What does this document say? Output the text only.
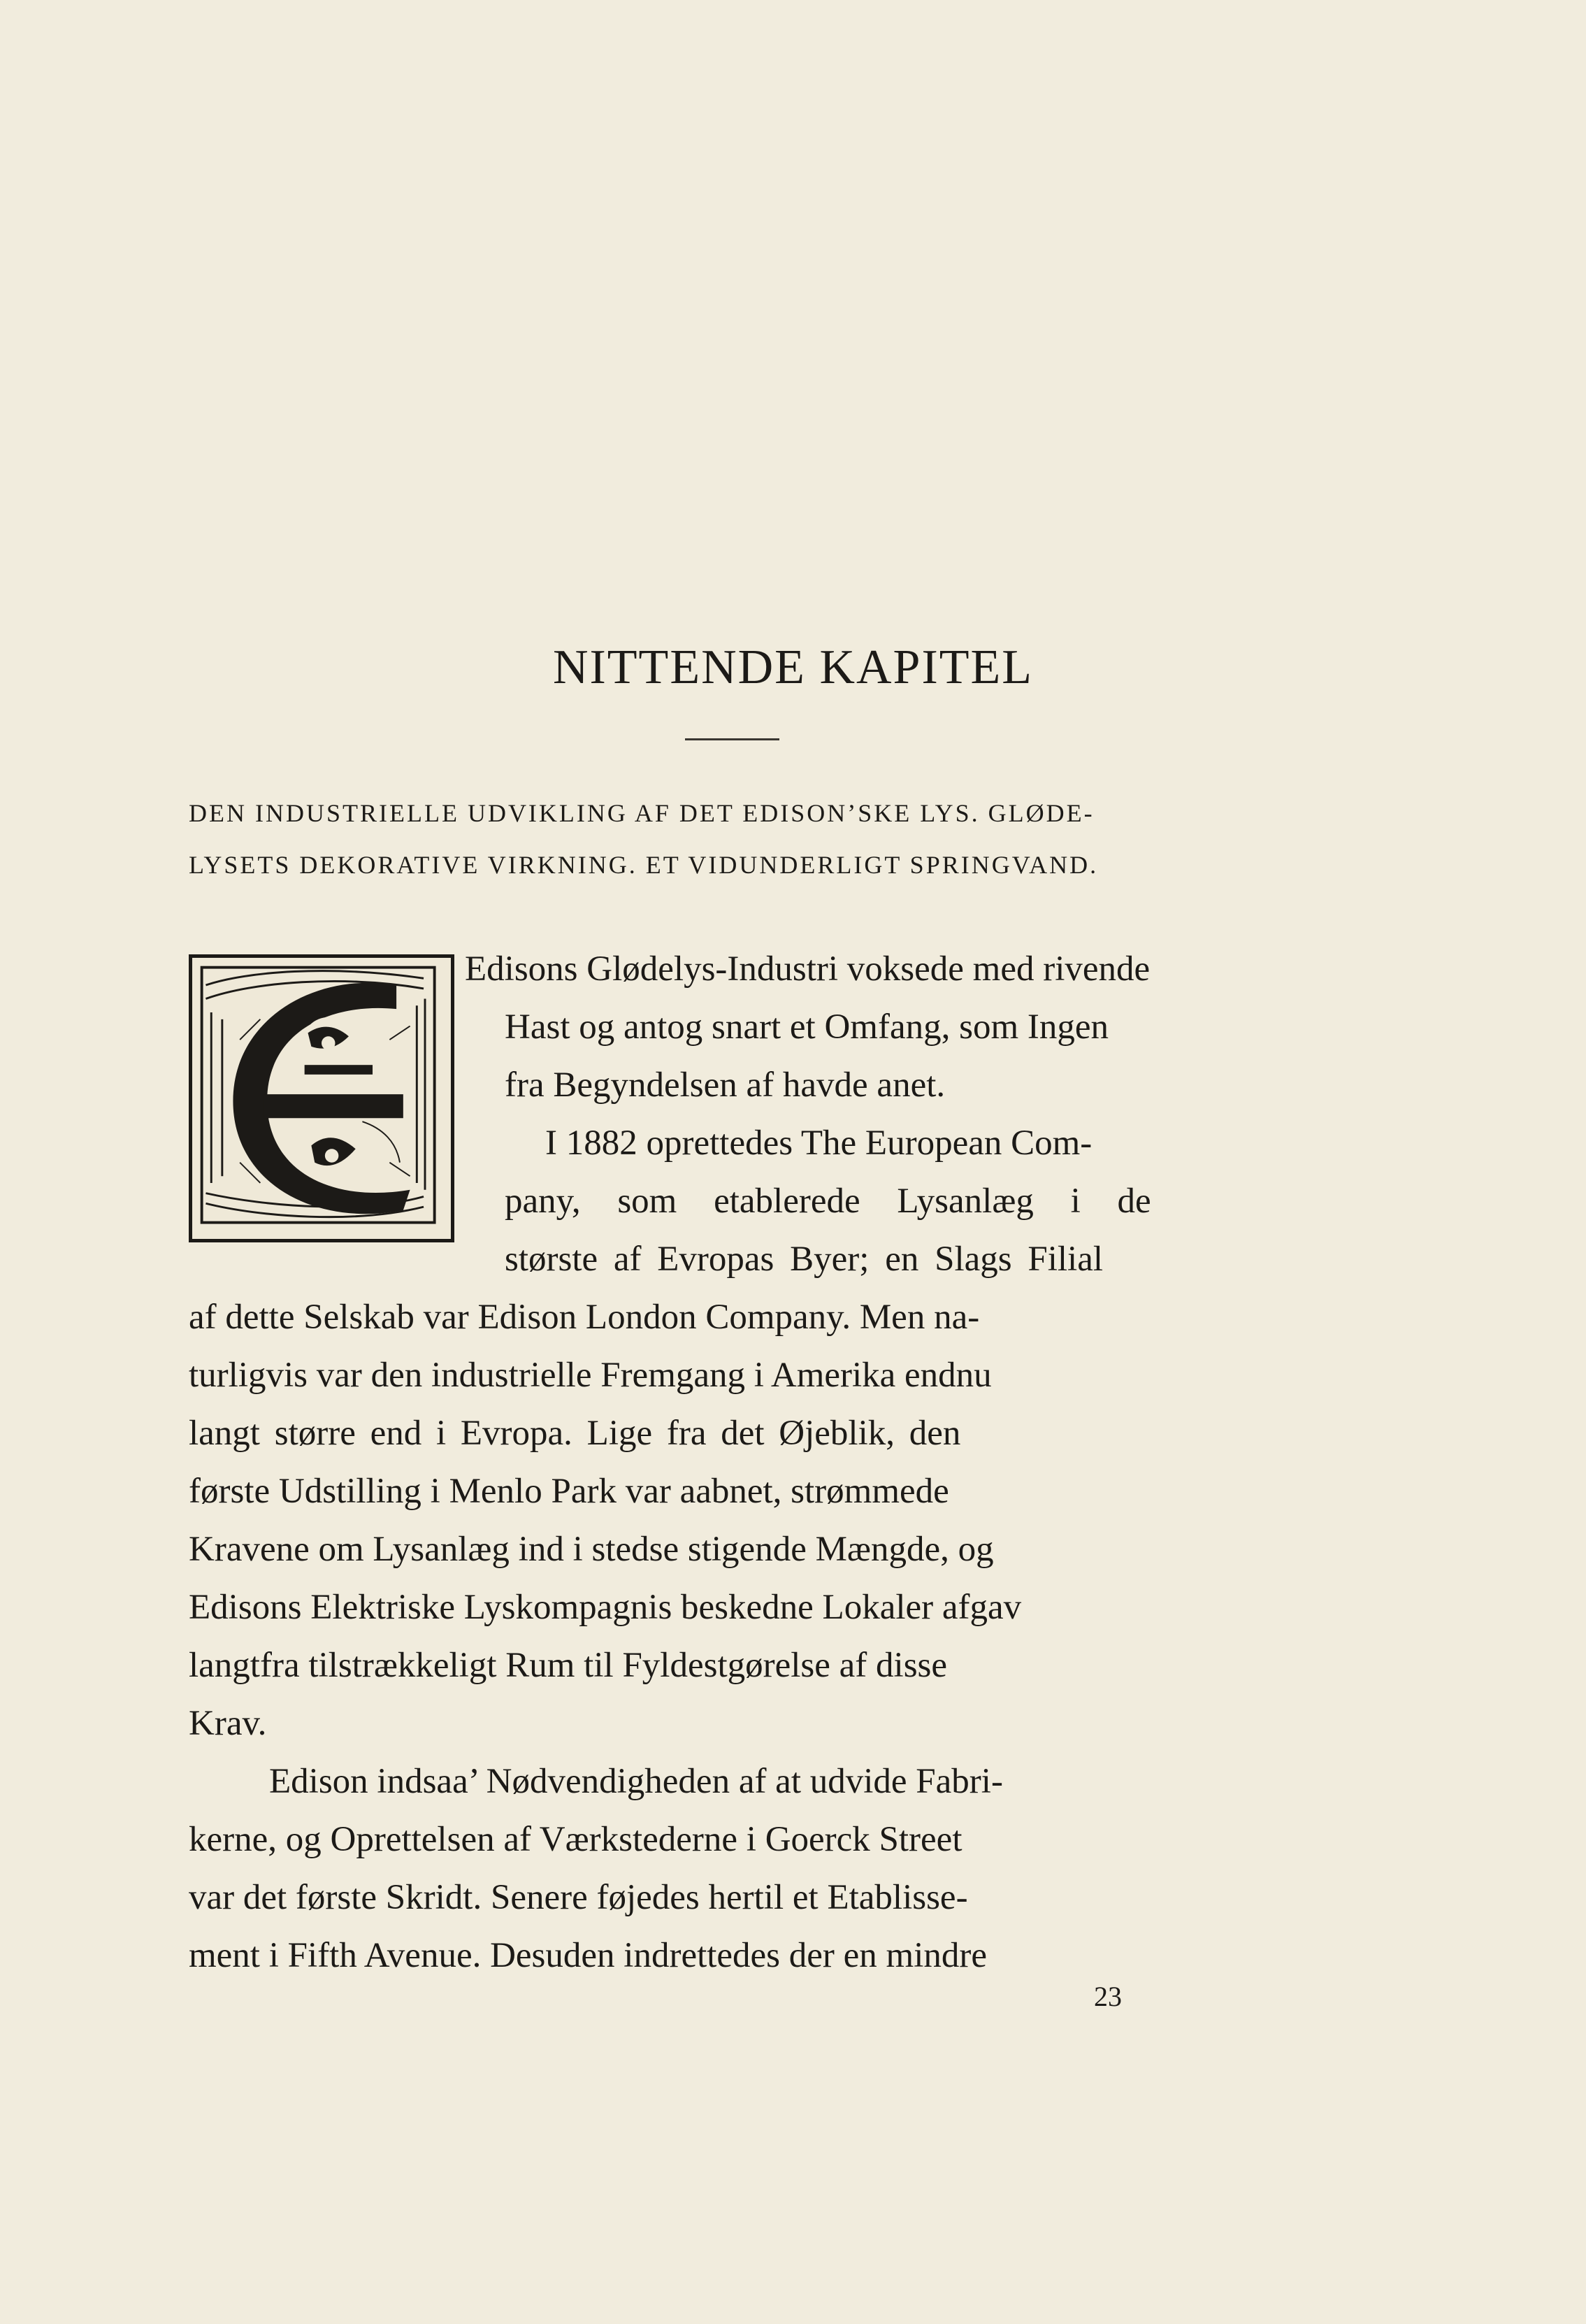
NITTENDE KAPITEL
DEN INDUSTRIELLE UDVIKLING AF DET EDISON’SKE LYS. GLØDE-
LYSETS DEKORATIVE VIRKNING. ET VIDUNDERLIGT SPRINGVAND.
Edisons Glødelys-Industri voksede med rivende
Hast og antog snart et Omfang, som Ingen
fra Begyndelsen af havde anet.
I 1882 oprettedes The European Com-
pany, som etablerede Lysanlæg i de
største af Evropas Byer; en Slags Filial
af dette Selskab var Edison London Company. Men na-
turligvis var den industrielle Fremgang i Amerika endnu
langt større end i Evropa. Lige fra det Øjeblik, den
første Udstilling i Menlo Park var aabnet, strømmede
Kravene om Lysanlæg ind i stedse stigende Mængde, og
Edisons Elektriske Lyskompagnis beskedne Lokaler afgav
langtfra tilstrækkeligt Rum til Fyldestgørelse af disse
Krav.
Edison indsaa’ Nødvendigheden af at udvide Fabri-
kerne, og Oprettelsen af Værkstederne i Goerck Street
var det første Skridt. Senere føjedes hertil et Etablisse-
ment i Fifth Avenue. Desuden indrettedes der en mindre
23
